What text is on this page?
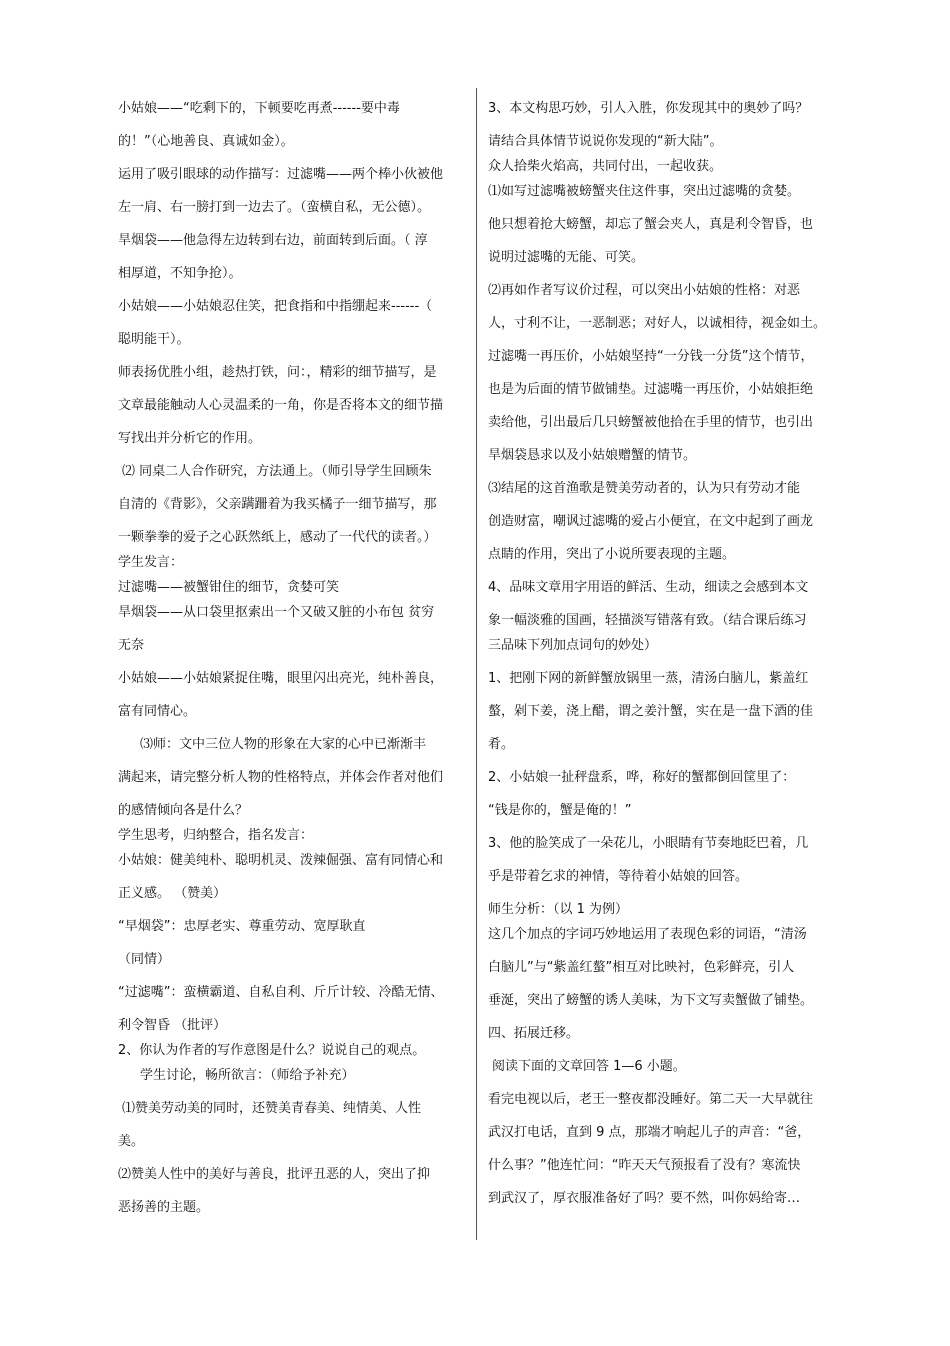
小姑娘——“吃剩下的，下顿要吃再煮------要中毒
的！”（心地善良、真诚如金）。
运用了吸引眼球的动作描写：过滤嘴——两个棒小伙被他
左一肩、右一膀打到一边去了。（蛮横自私，无公德）。
旱烟袋——他急得左边转到右边，前面转到后面。（ 淳
相厚道，不知争抢）。
小姑娘——小姑娘忍住笑，把食指和中指绷起来------（
聪明能干）。
师表扬优胜小组，趁热打铁，问：，精彩的细节描写，是
文章最能触动人心灵温柔的一角，你是否将本文的细节描
写找出并分析它的作用。
⑵ 同桌二人合作研究，方法通上。（师引导学生回顾朱
自清的《背影》，父亲蹒跚着为我买橘子一细节描写，那
一颗拳拳的爱子之心跃然纸上，感动了一代代的读者。）
学生发言：
过滤嘴——被蟹钳住的细节，贪婪可笑
旱烟袋——从口袋里抠索出一个又破又脏的小布包 贫穷
无奈
小姑娘——小姑娘紧捉住嘴，眼里闪出亮光，纯朴善良，
富有同情心。
⑶师：文中三位人物的形象在大家的心中已渐渐丰
满起来，请完整分析人物的性格特点，并体会作者对他们
的感情倾向各是什么？
学生思考，归纳整合，指名发言：
小姑娘：健美纯朴、聪明机灵、泼辣倔强、富有同情心和
正义感。 （赞美）
“早烟袋”：忠厚老实、尊重劳动、宽厚耿直
（同情）
“过滤嘴”：蛮横霸道、自私自利、斤斤计较、冷酷无情、
利令智昏 （批评）
2、你认为作者的写作意图是什么？说说自己的观点。
学生讨论，畅所欲言：（师给予补充）
⑴赞美劳动美的同时，还赞美青春美、纯情美、人性
美。
⑵赞美人性中的美好与善良，批评丑恶的人，突出了抑
恶扬善的主题。
3、本文构思巧妙，引人入胜，你发现其中的奥妙了吗？
请结合具体情节说说你发现的“新大陆”。
众人拾柴火焰高，共同付出，一起收获。
⑴如写过滤嘴被螃蟹夹住这件事，突出过滤嘴的贪婪。
他只想着抢大螃蟹，却忘了蟹会夹人，真是利令智昏，也
说明过滤嘴的无能、可笑。
⑵再如作者写议价过程，可以突出小姑娘的性格：对恶
人，寸利不让，一恶制恶；对好人，以诚相待，视金如土。
过滤嘴一再压价，小姑娘坚持“一分钱一分货”这个情节，
也是为后面的情节做铺垫。过滤嘴一再压价，小姑娘拒绝
卖给他，引出最后几只螃蟹被他拾在手里的情节，也引出
旱烟袋恳求以及小姑娘赠蟹的情节。
⑶结尾的这首渔歌是赞美劳动者的，认为只有劳动才能
创造财富，嘲讽过滤嘴的爱占小便宜，在文中起到了画龙
点睛的作用，突出了小说所要表现的主题。
4、品味文章用字用语的鲜活、生动，细读之会感到本文
象一幅淡雅的国画，轻描淡写错落有致。（结合课后练习
三品味下列加点词句的妙处）
1、把刚下网的新鲜蟹放锅里一蒸，清汤白脑儿，紫盖红
螯，剁下姜，浇上醋，谓之姜汁蟹，实在是一盘下酒的佳
肴。
2、小姑娘一扯秤盘系，哗，称好的蟹都倒回筐里了：
“钱是你的，蟹是俺的！”
3、他的脸笑成了一朵花儿，小眼睛有节奏地眨巴着，几
乎是带着乞求的神情，等待着小姑娘的回答。
师生分析：（以 1 为例）
这几个加点的字词巧妙地运用了表现色彩的词语，“清汤
白脑儿”与“紫盖红螯”相互对比映衬，色彩鲜亮，引人
垂涎，突出了螃蟹的诱人美味，为下文写卖蟹做了铺垫。
四、拓展迁移。
阅读下面的文章回答 1—6 小题。
看完电视以后，老王一整夜都没睡好。第二天一大早就往
武汉打电话，直到 9 点，那端才响起儿子的声音：“爸，
什么事？”他连忙问：“昨天天气预报看了没有？寒流快
到武汉了，厚衣服准备好了吗？要不然，叫你妈给寄…
